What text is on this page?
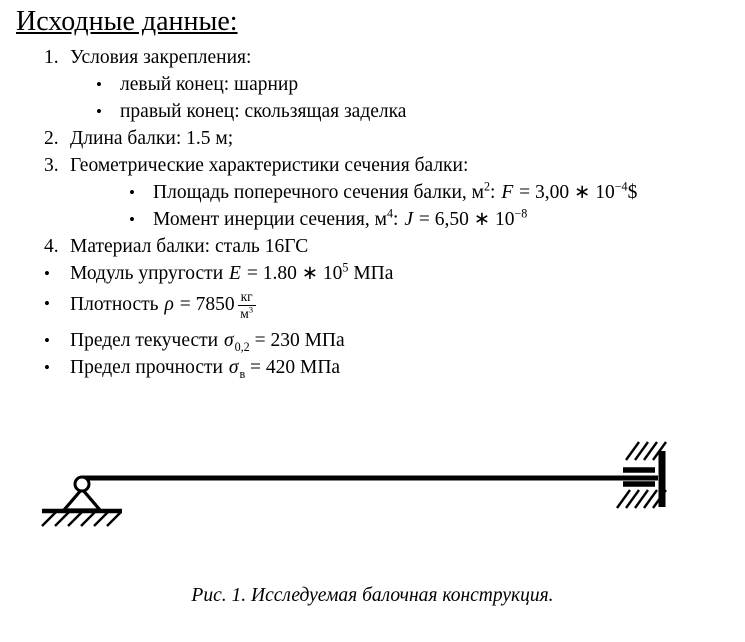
Исходные данные:
1. Условия закрепления:
• левый конец: шарнир
• правый конец: скользящая заделка
2. Длина балки: 1.5 м;
3. Геометрические характеристики сечения балки:
• Площадь поперечного сечения балки, $м^2$: F = 3,00 ∗ $10^{-4}\$$
• Момент инерции сечения, $м^4$: J = 6,50 ∗ $10^{-8}$
4. Материал балки: сталь 16ГС
•	Модуль упругости E = 1.80 ∗ $10^5$ МПа
•	Плотность $\rho = 7850 \frac{кг}{м^3}$
•	Предел текучести $\sigma_{0,2} = 230$ МПа
•	Предел прочности $\sigma_в = 420$ МПа
Рис. 1. Исследуемая балочная конструкция.
